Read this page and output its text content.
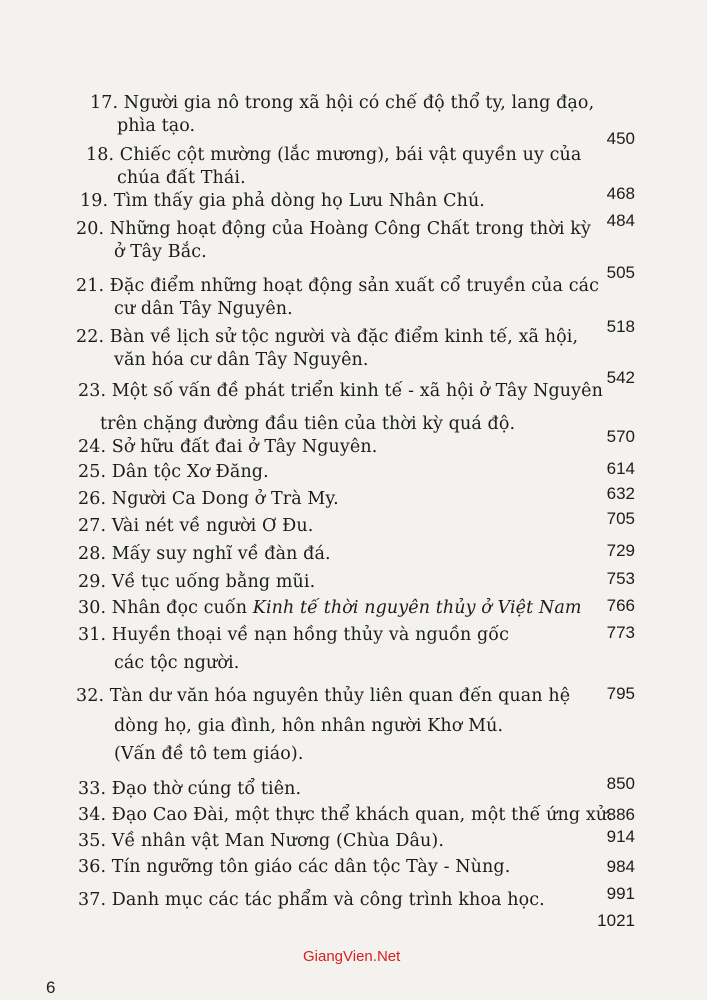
17. Người gia nô trong xã hội có chế độ thổ ty, lang đạo,
phìa tạo.
450
18. Chiếc cột mường (lắc mương), bái vật quyền uy của
chúa đất Thái.
468
19. Tìm thấy gia phả dòng họ Lưu Nhân Chú.
484
20. Những hoạt động của Hoàng Công Chất trong thời kỳ
ở Tây Bắc.
505
21. Đặc điểm những hoạt động sản xuất cổ truyền của các
cư dân Tây Nguyên.
518
22. Bàn về lịch sử tộc người và đặc điểm kinh tế, xã hội,
văn hóa cư dân Tây Nguyên.
542
23. Một số vấn đề phát triển kinh tế - xã hội ở Tây Nguyên
trên chặng đường đầu tiên của thời kỳ quá độ.
570
24. Sở hữu đất đai ở Tây Nguyên.
614
25. Dân tộc Xơ Đăng.
632
26. Người Ca Dong ở Trà My.
705
27. Vài nét về người Ơ Đu.
729
28. Mấy suy nghĩ về đàn đá.
753
29. Về tục uống bằng mũi.
766
30. Nhân đọc cuốn Kinh tế thời nguyên thủy ở Việt Nam
773
31. Huyền thoại về nạn hồng thủy và nguồn gốc
các tộc người.
795
32. Tàn dư văn hóa nguyên thủy liên quan đến quan hệ
dòng họ, gia đình, hôn nhân người Khơ Mú.
(Vấn đề tô tem giáo).
850
33. Đạo thờ cúng tổ tiên.
886
34. Đạo Cao Đài, một thực thể khách quan, một thế ứng xử.
914
35. Về nhân vật Man Nương (Chùa Dâu).
984
36. Tín ngưỡng tôn giáo các dân tộc Tày - Nùng.
991
37. Danh mục các tác phẩm và công trình khoa học.
1021
GiangVien.Net
6
